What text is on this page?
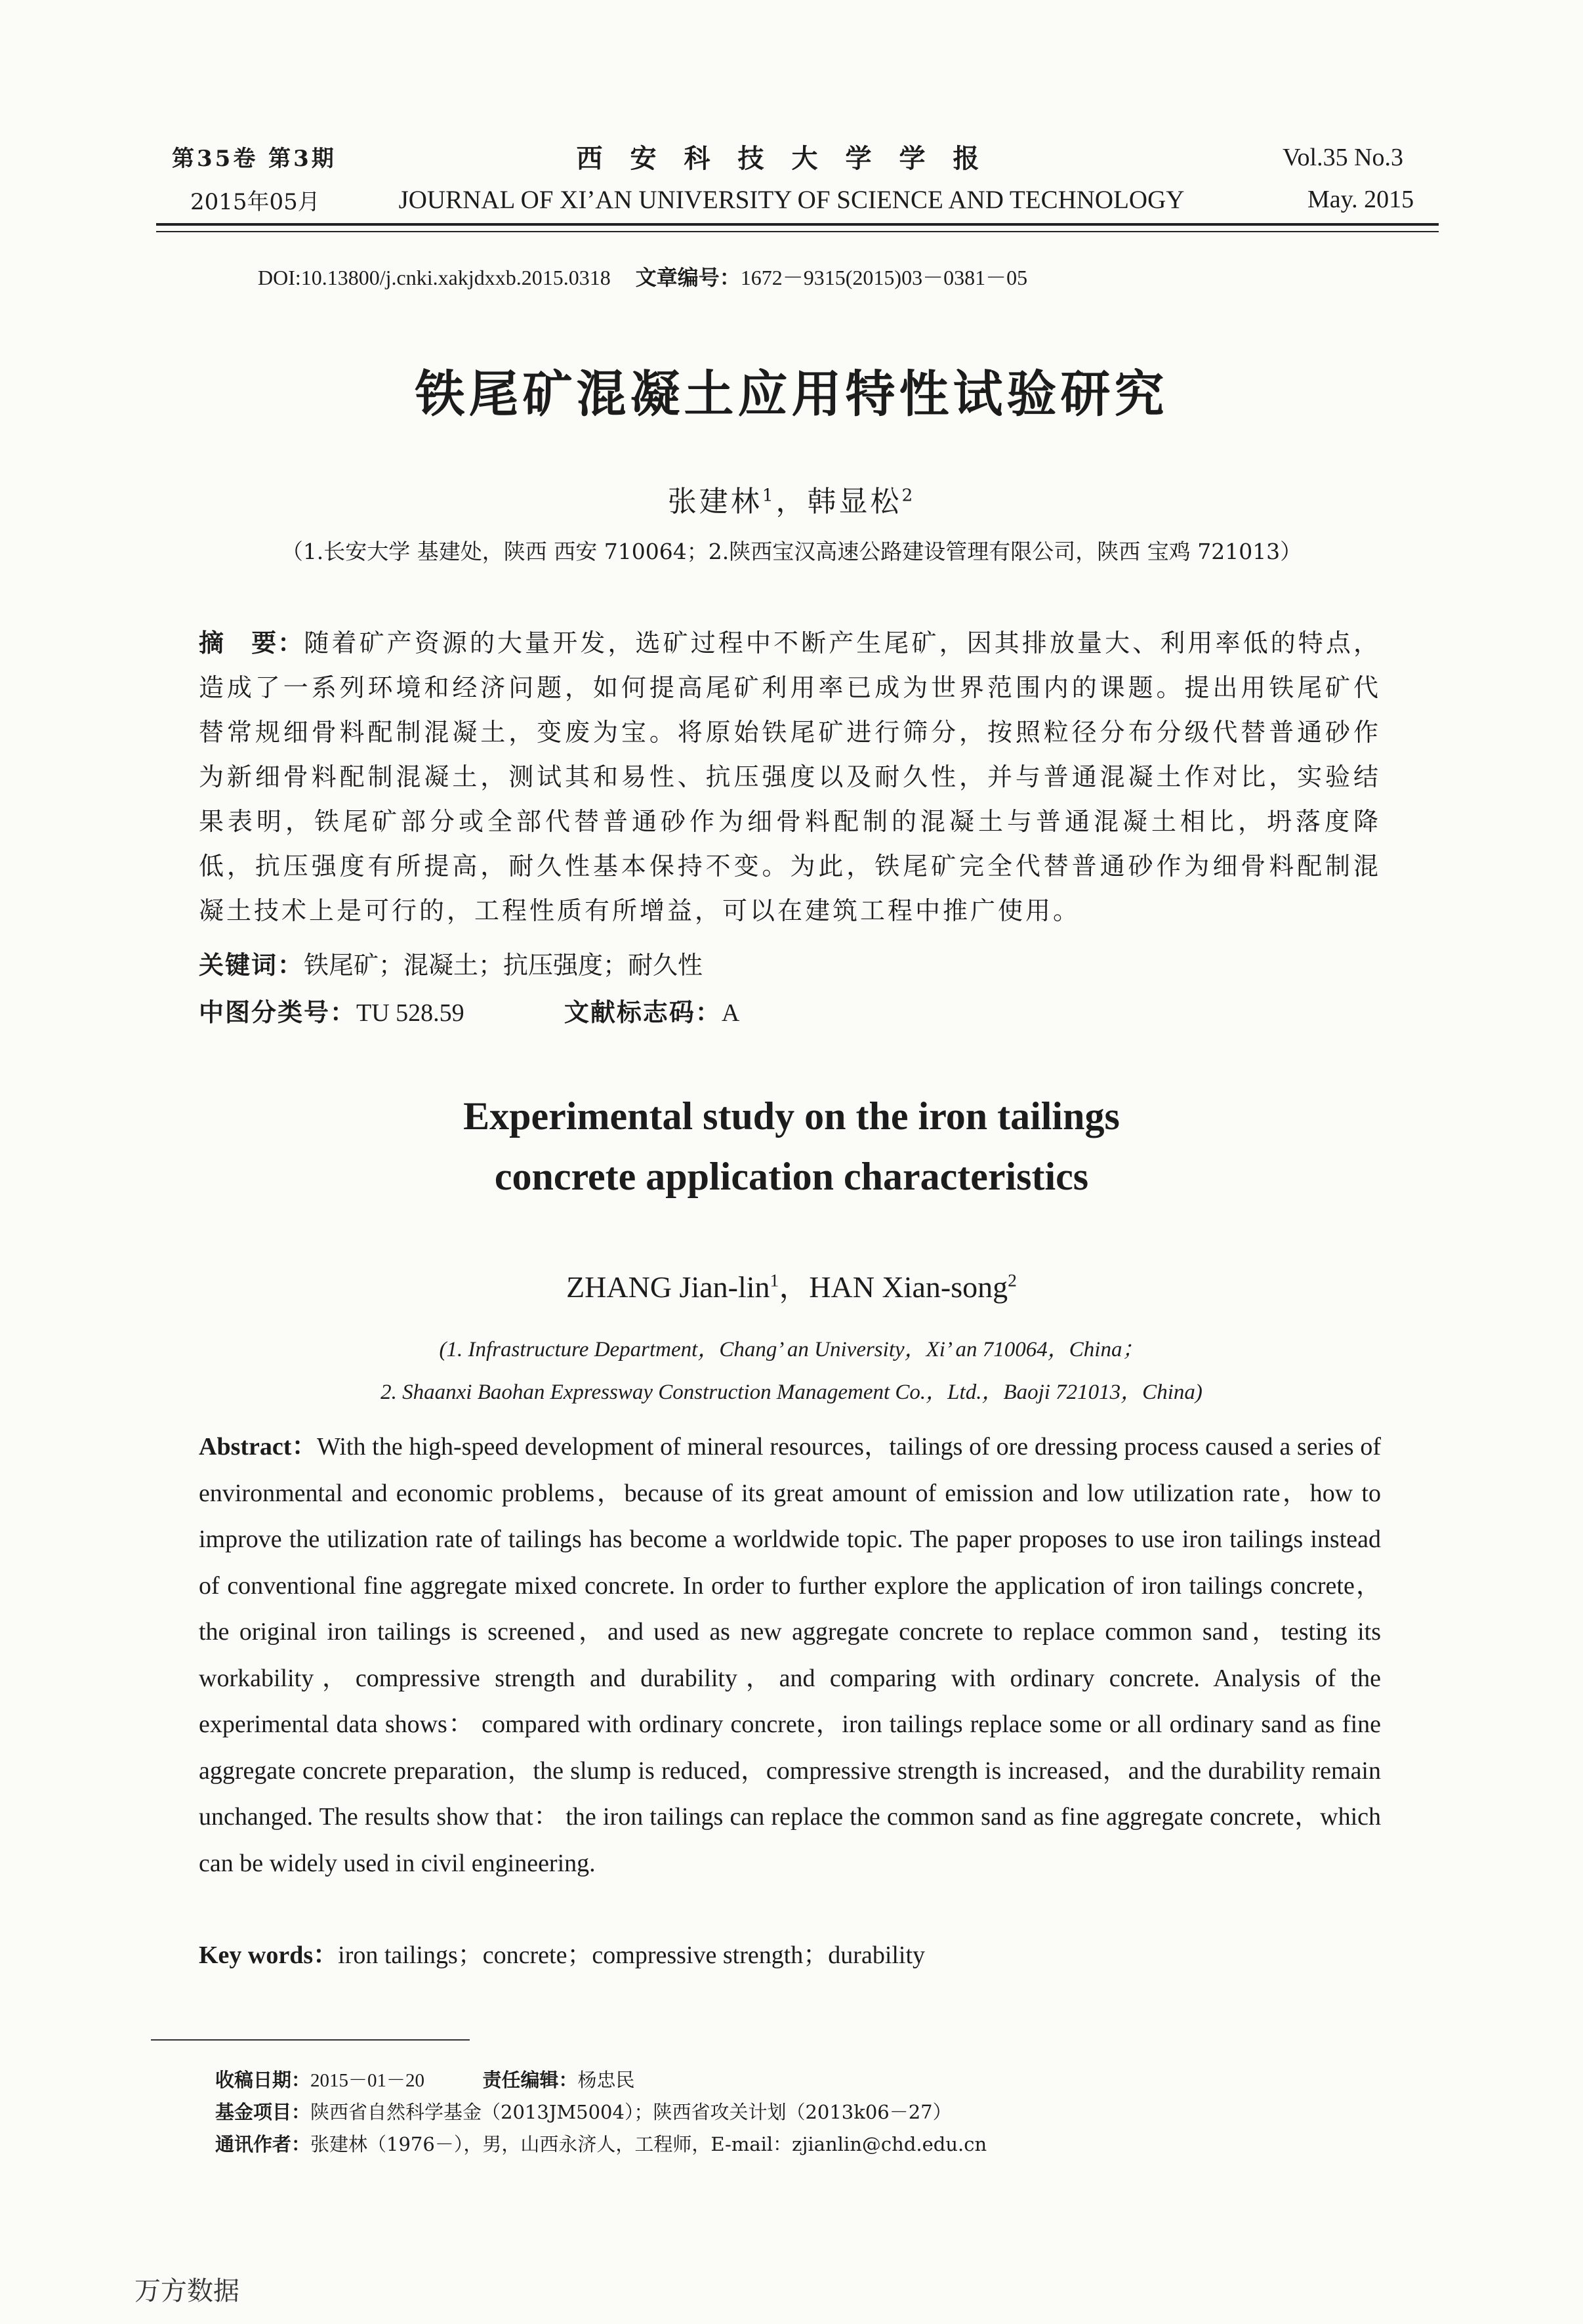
第35卷 第3期
2015年05月
西安科技大学学报
JOURNAL OF XI’AN UNIVERSITY OF SCIENCE AND TECHNOLOGY
Vol.35 No.3
May. 2015
DOI:10.13800/j.cnki.xakjdxxb.2015.0318 文章编号：1672－9315(2015)03－0381－05
铁尾矿混凝土应用特性试验研究
张建林$^1$，韩显松$^2$
（1.长安大学 基建处，陕西 西安 710064；2.陕西宝汉高速公路建设管理有限公司，陕西 宝鸡 721013）
摘　要：随着矿产资源的大量开发，选矿过程中不断产生尾矿，因其排放量大、利用率低的特点，造成了一系列环境和经济问题，如何提高尾矿利用率已成为世界范围内的课题。提出用铁尾矿代替常规细骨料配制混凝土，变废为宝。将原始铁尾矿进行筛分，按照粒径分布分级代替普通砂作为新细骨料配制混凝土，测试其和易性、抗压强度以及耐久性，并与普通混凝土作对比，实验结果表明，铁尾矿部分或全部代替普通砂作为细骨料配制的混凝土与普通混凝土相比，坍落度降低，抗压强度有所提高，耐久性基本保持不变。为此，铁尾矿完全代替普通砂作为细骨料配制混凝土技术上是可行的，工程性质有所增益，可以在建筑工程中推广使用。
关键词：铁尾矿；混凝土；抗压强度；耐久性
中图分类号：TU 528.59	文献标志码：A
Experimental study on the iron tailings
concrete application characteristics
ZHANG Jian-lin$^1$，HAN Xian-song$^2$
(1. Infrastructure Department，Chang’ an University，Xi’ an 710064，China；
2. Shaanxi Baohan Expressway Construction Management Co.，Ltd.，Baoji 721013，China)
Abstract：With the high-speed development of mineral resources，tailings of ore dressing process caused a series of environmental and economic problems，because of its great amount of emission and low utilization rate，how to improve the utilization rate of tailings has become a worldwide topic. The paper proposes to use iron tailings instead of conventional fine aggregate mixed concrete. In order to further explore the application of iron tailings concrete，the original iron tailings is screened，and used as new aggregate concrete to replace common sand，testing its workability，compressive strength and durability，and comparing with ordinary concrete. Analysis of the experimental data shows： compared with ordinary concrete，iron tailings replace some or all ordinary sand as fine aggregate concrete preparation，the slump is reduced，compressive strength is increased，and the durability remain unchanged. The results show that： the iron tailings can replace the common sand as fine aggregate concrete，which can be widely used in civil engineering.
Key words：iron tailings；concrete；compressive strength；durability
收稿日期：2015－01－20	责任编辑：杨忠民
基金项目：陕西省自然科学基金（2013JM5004）；陕西省攻关计划（2013k06－27）
通讯作者：张建林（1976－），男，山西永济人，工程师，E-mail：zjianlin@chd.edu.cn
万方数据
